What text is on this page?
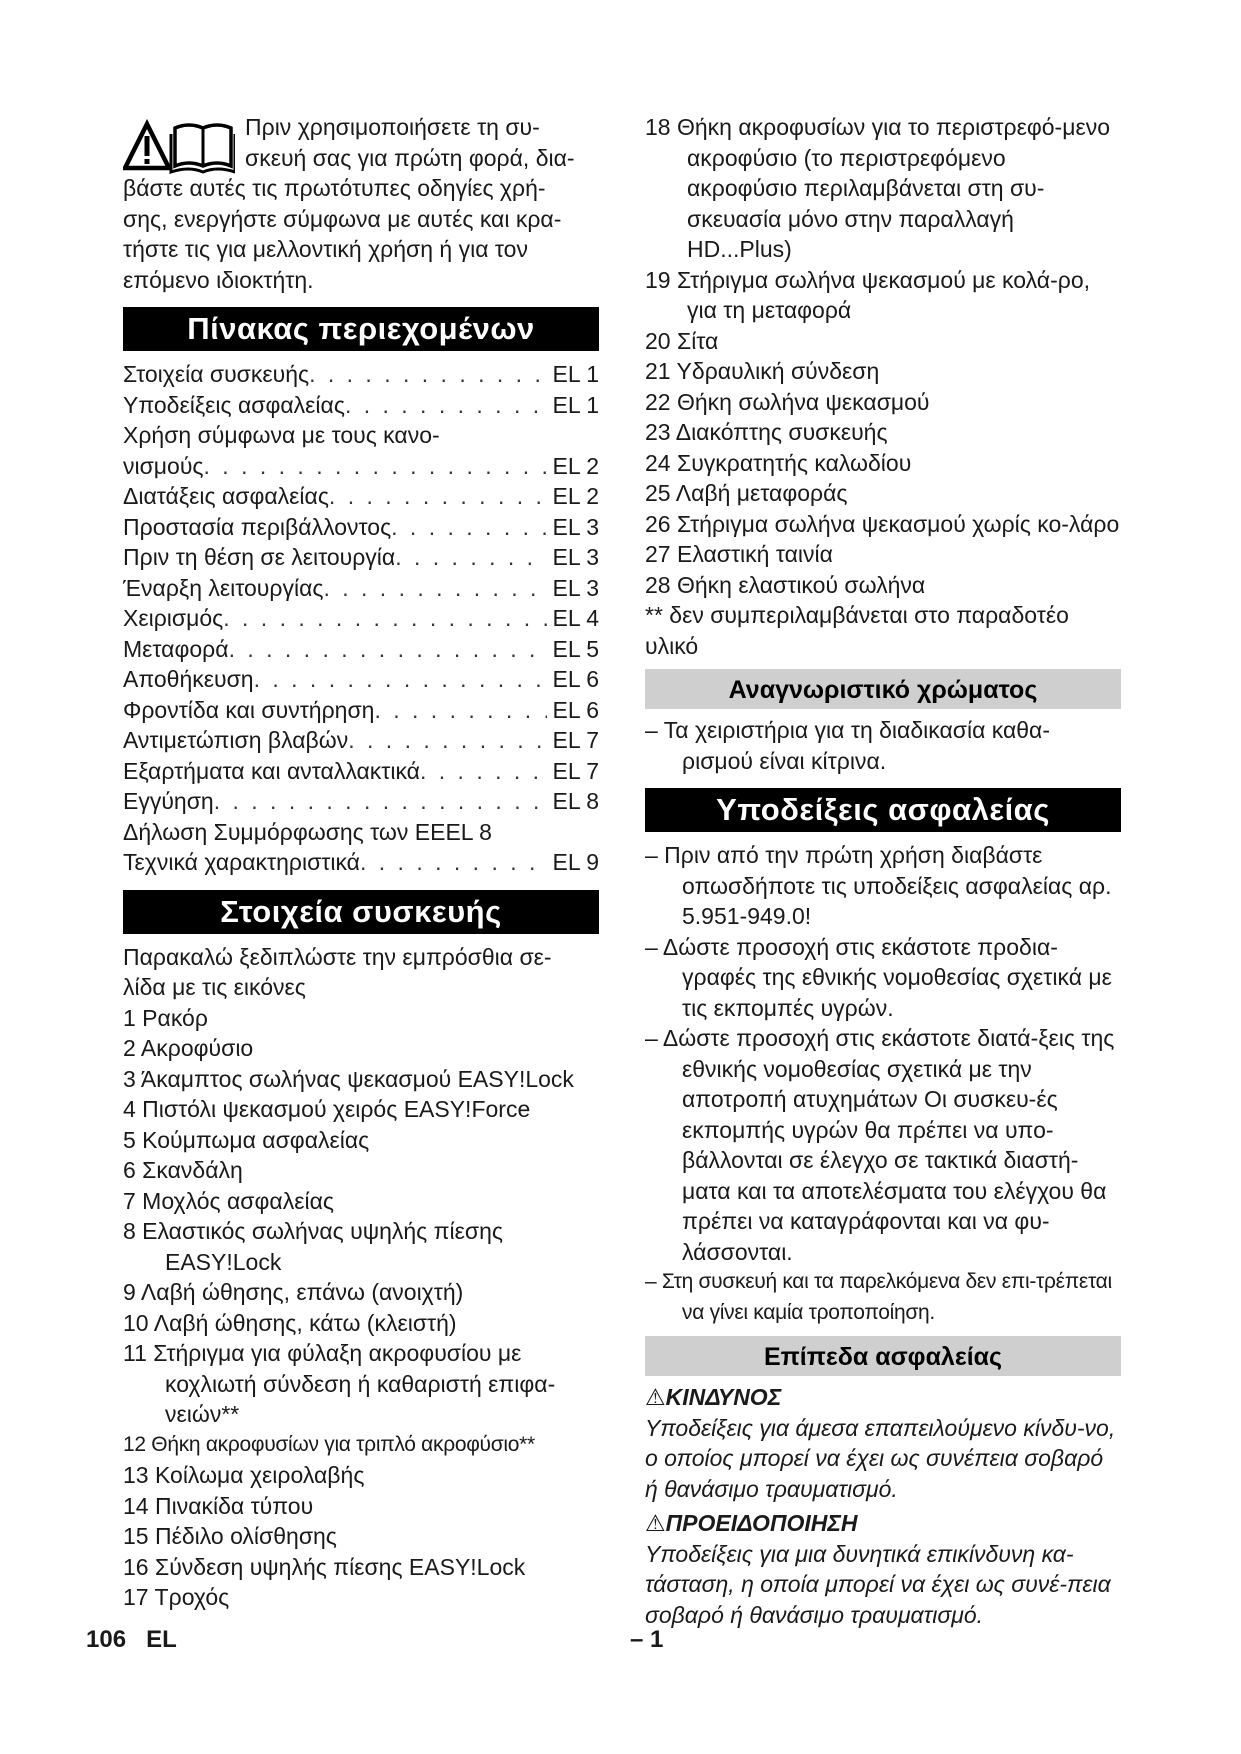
Πριν χρησιμοποιήσετε τη συ-
σκευή σας για πρώτη φορά, δια-
βάστε αυτές τις πρωτότυπες οδηγίες χρή-
σης, ενεργήστε σύμφωνα με αυτές και κρα-
τήστε τις για μελλοντική χρήση ή για τον
επόμενο ιδιοκτήτη.
Πίνακας περιεχομένων
Στοιχεία συσκευής . . .	EL 1
Υποδείξεις ασφαλείας . . .	EL 1
Χρήση σύμφωνα με τους κανο-
νισμούς . . .	EL 2
Διατάξεις ασφαλείας . . .	EL 2
Προστασία περιβάλλοντος . . .	EL 3
Πριν τη θέση σε λειτουργία . . .	EL 3
Έναρξη λειτουργίας . . .	EL 3
Χειρισμός . . .	EL 4
Μεταφορά . . .	EL 5
Αποθήκευση . . .	EL 6
Φροντίδα και συντήρηση . . .	EL 6
Αντιμετώπιση βλαβών . . .	EL 7
Εξαρτήματα και ανταλλακτικά . . .	EL 7
Εγγύηση . . .	EL 8
Δήλωση Συμμόρφωσης των ΕΕ EL 8
Τεχνικά χαρακτηριστικά . . .	EL 9
Στοιχεία συσκευής

Παρακαλώ ξεδιπλώστε την εμπρόσθια σε-

λίδα με τις εικόνες

1 Ρακόρ

2 Ακροφύσιο

3 Άκαμπτος σωλήνας ψεκασμού EASY!Lock

4 Πιστόλι ψεκασμού χειρός EASY!Force

5 Κούμπωμα ασφαλείας

6 Σκανδάλη

7 Μοχλός ασφαλείας

8 Ελαστικός σωλήνας υψηλής πίεσης EASY!Lock

9 Λαβή ώθησης, επάνω (ανοιχτή)

10 Λαβή ώθησης, κάτω (κλειστή)

11 Στήριγμα για φύλαξη ακροφυσίου με κοχλιωτή σύνδεση ή καθαριστή επιφα-νειών**

12 Θήκη ακροφυσίων για τριπλό ακροφύσιο**

13 Κοίλωμα χειρολαβής

14 Πινακίδα τύπου

15 Πέδιλο ολίσθησης

16 Σύνδεση υψηλής πίεσης EASY!Lock

17 Τροχός

18 Θήκη ακροφυσίων για το περιστρεφό-μενο ακροφύσιο (το περιστρεφόμενο ακροφύσιο περιλαμβάνεται στη συ-σκευασία μόνο στην παραλλαγή HD...Plus)

19 Στήριγμα σωλήνα ψεκασμού με κολά-ρο, για τη μεταφορά

20 Σίτα

21 Υδραυλική σύνδεση

22 Θήκη σωλήνα ψεκασμού

23 Διακόπτης συσκευής

24 Συγκρατητής καλωδίου

25 Λαβή μεταφοράς

26 Στήριγμα σωλήνα ψεκασμού χωρίς κο-λάρο

27 Ελαστική ταινία

28 Θήκη ελαστικού σωλήνα

** δεν συμπεριλαμβάνεται στο παραδοτέο υλικό

Αναγνωριστικό χρώματος

– Τα χειριστήρια για τη διαδικασία καθα-ρισμού είναι κίτρινα.

Υποδείξεις ασφαλείας

– Πριν από την πρώτη χρήση διαβάστε οπωσδήποτε τις υποδείξεις ασφαλείας αρ. 5.951-949.0!

– Δώστε προσοχή στις εκάστοτε προδια-γραφές της εθνικής νομοθεσίας σχετικά με τις εκπομπές υγρών.

– Δώστε προσοχή στις εκάστοτε διατά-ξεις της εθνικής νομοθεσίας σχετικά με την αποτροπή ατυχημάτων Οι συσκευ-ές εκπομπής υγρών θα πρέπει να υπο-βάλλονται σε έλεγχο σε τακτικά διαστή-ματα και τα αποτελέσματα του ελέγχου θα πρέπει να καταγράφονται και να φυ-λάσσονται.

– Στη συσκευή και τα παρελκόμενα δεν επι-τρέπεται να γίνει καμία τροποποίηση.

Επίπεδα ασφαλείας

⚠ΚΙΝΔΥΝΟΣ

Υποδείξεις για άμεσα επαπειλούμενο κίνδυ-νο, ο οποίος μπορεί να έχει ως συνέπεια σοβαρό ή θανάσιμο τραυματισμό.

⚠ΠΡΟΕΙΔΟΠΟΙΗΣΗ

Υποδείξεις για μια δυνητικά επικίνδυνη κα-τάσταση, η οποία μπορεί να έχει ως συνέ-πεια σοβαρό ή θανάσιμο τραυματισμό.

106 EL	– 1
